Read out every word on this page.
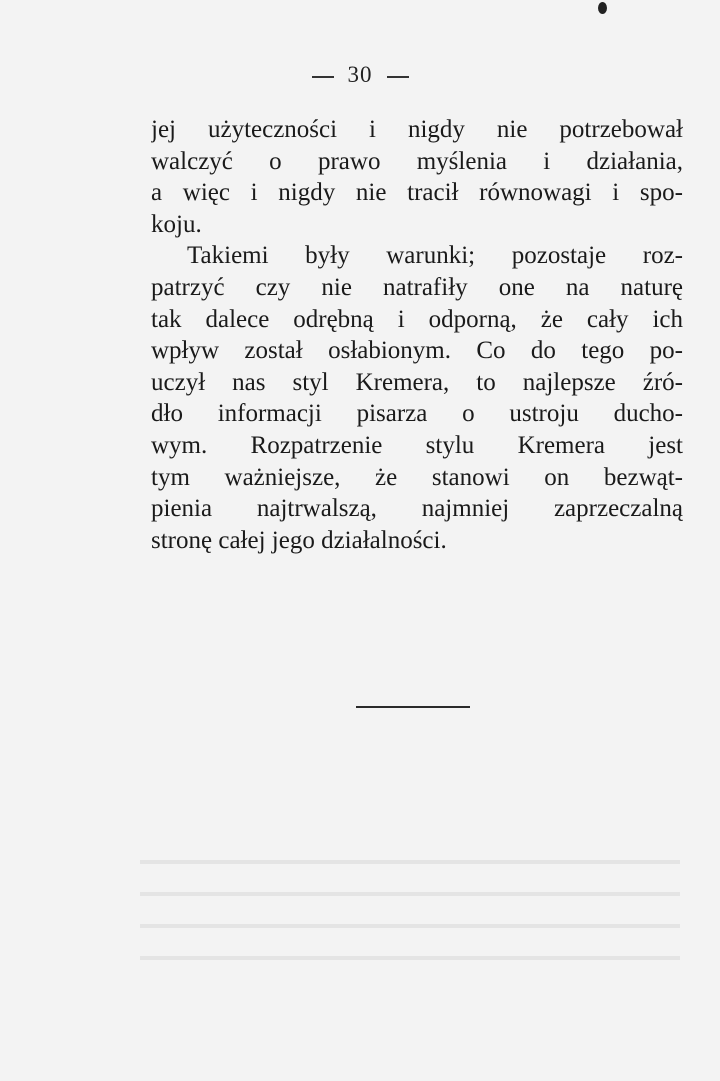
30
jej użyteczności i nigdy nie potrzebował
walczyć o prawo myślenia i działania,
a więc i nigdy nie tracił równowagi i spo-
koju.
Takiemi były warunki; pozostaje roz-
patrzyć czy nie natrafiły one na naturę
tak dalece odrębną i odporną, że cały ich
wpływ został osłabionym. Co do tego po-
uczył nas styl Kremera, to najlepsze źró-
dło informacji pisarza o ustroju ducho-
wym. Rozpatrzenie stylu Kremera jest
tym ważniejsze, że stanowi on bezwąt-
pienia najtrwalszą, najmniej zaprzeczalną
stronę całej jego działalności.
